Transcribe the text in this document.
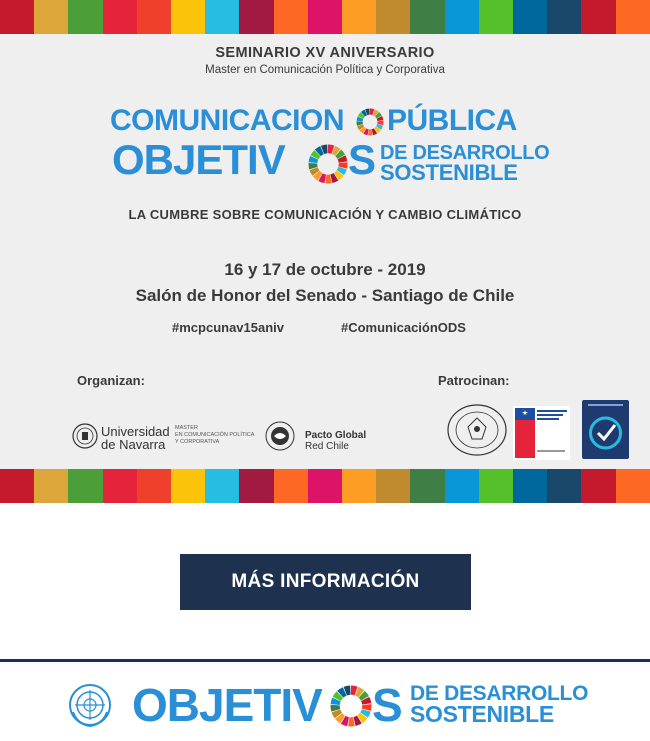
SEMINARIO XV ANIVERSARIO
Master en Comunicación Política y Corporativa
COMUNICACION PÚBLICA
OBJETIV S DE DESARROLLO
SOSTENIBLE
LA CUMBRE SOBRE COMUNICACIÓN Y CAMBIO CLIMÁTICO
16 y 17 de octubre - 2019
Salón de Honor del Senado - Santiago de Chile
#mcpcunav15aniv	#ComunicaciónODS
Organizan:	Patrocinan:
Universidad
de Navarra
MASTER
EN COMUNICACIÓN POLÍTICA
Y CORPORATIVA
Pacto Global
Red Chile
MÁS INFORMACIÓN
OBJETIV S DE DESARROLLO
SOSTENIBLE
